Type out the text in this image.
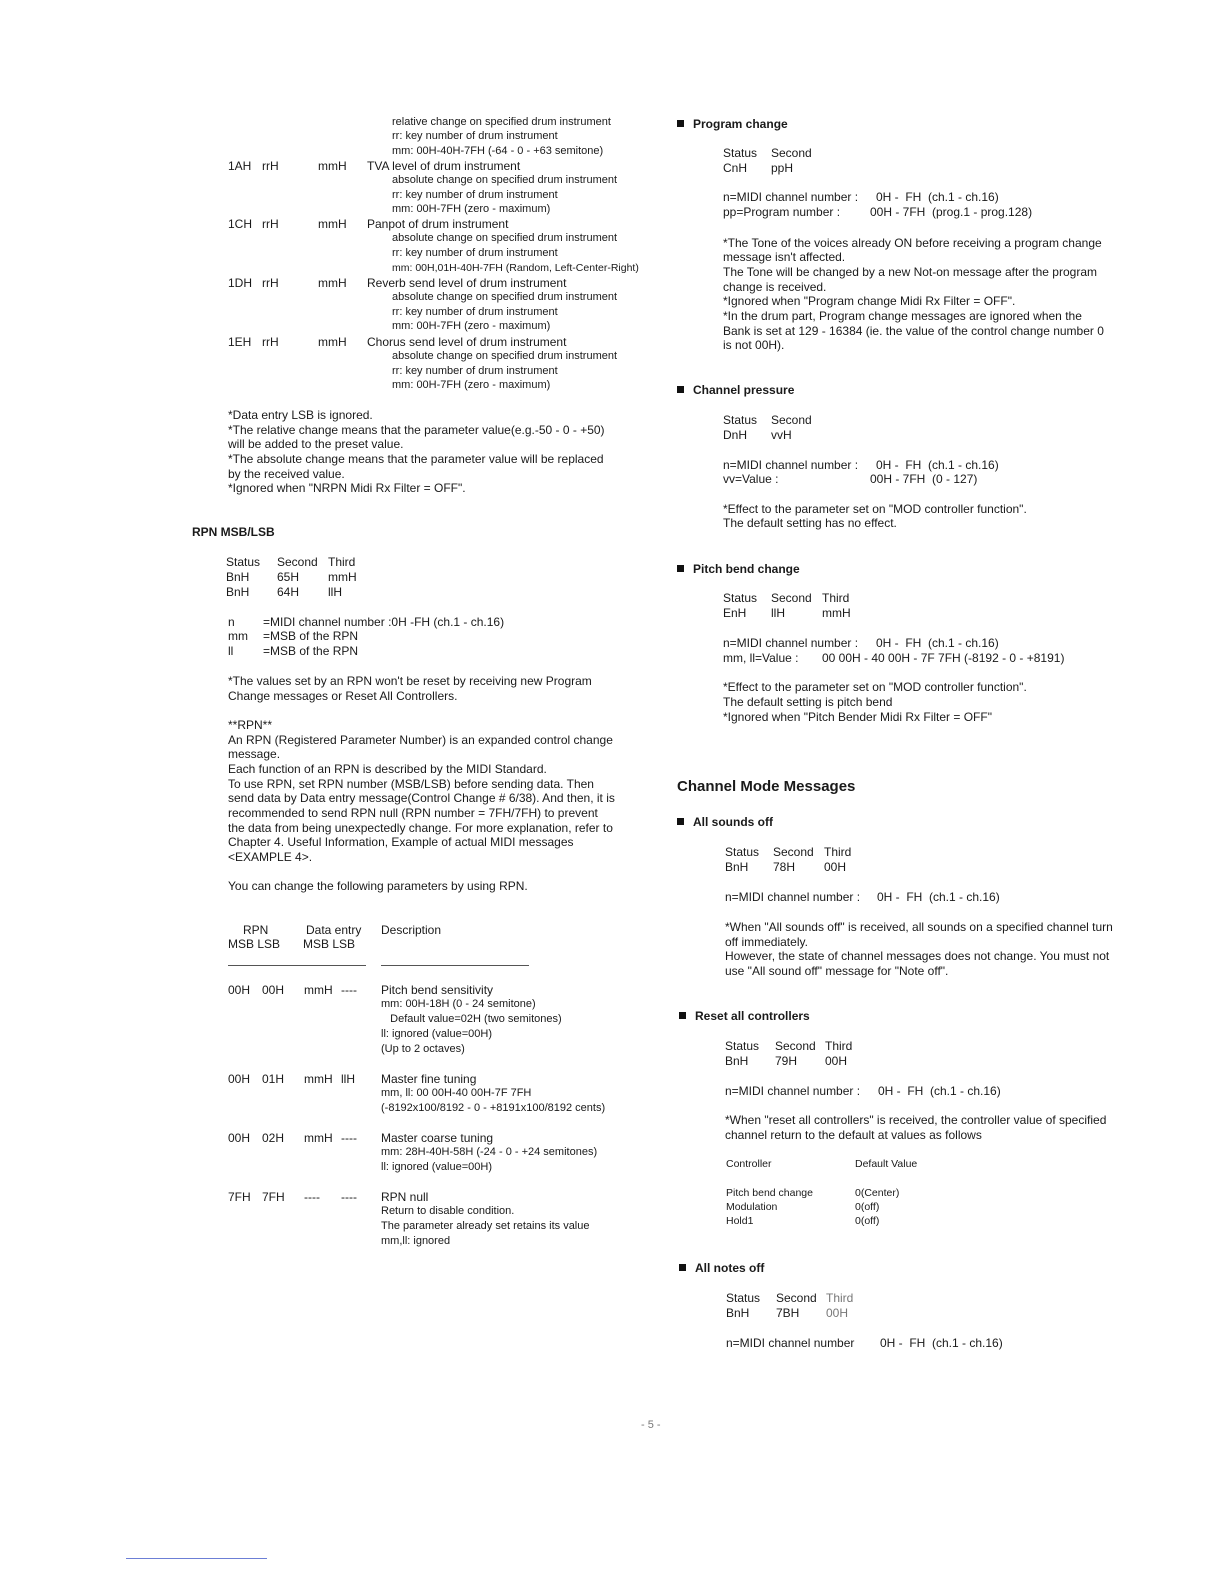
relative change on specified drum instrument
rr: key number of drum instrument
mm: 00H-40H-7FH (-64 - 0 - +63 semitone)
1AH rrH	mmH TVA level of drum instrument
absolute change on specified drum instrument
rr: key number of drum instrument
mm: 00H-7FH (zero - maximum)
1CH rrH	mmH Panpot of drum instrument
absolute change on specified drum instrument
rr: key number of drum instrument
mm: 00H,01H-40H-7FH (Random, Left-Center-Right)
1DH rrH	mmH Reverb send level of drum instrument
absolute change on specified drum instrument
rr: key number of drum instrument
mm: 00H-7FH (zero - maximum)
1EH rrH	mmH Chorus send level of drum instrument
absolute change on specified drum instrument
rr: key number of drum instrument
mm: 00H-7FH (zero - maximum)
*Data entry LSB is ignored.
*The relative change means that the parameter value(e.g.-50 - 0 - +50)
will be added to the preset value.
*The absolute change means that the parameter value will be replaced
by the received value.
*Ignored when "NRPN Midi Rx Filter = OFF".
RPN MSB/LSB
Status Second Third
BnH 65H mmH
BnH 64H llH
n =MIDI channel number :0H -FH (ch.1 - ch.16)
mm =MSB of the RPN
ll =MSB of the RPN
*The values set by an RPN won't be reset by receiving new Program
Change messages or Reset All Controllers.
**RPN**
An RPN (Registered Parameter Number) is an expanded control change
message.
Each function of an RPN is described by the MIDI Standard.
To use RPN, set RPN number (MSB/LSB) before sending data. Then
send data by Data entry message(Control Change # 6/38). And then, it is
recommended to send RPN null (RPN number = 7FH/7FH) to prevent
the data from being unexpectedly change. For more explanation, refer to
Chapter 4. Useful Information, Example of actual MIDI messages
<EXAMPLE 4>.
You can change the following parameters by using RPN.
RPN
MSB LSB
Data entry
MSB LSB
Description
00H 00H mmH ---- Pitch bend sensitivity
mm: 00H-18H (0 - 24 semitone)
Default value=02H (two semitones)
ll: ignored (value=00H)
(Up to 2 octaves)
00H 01H mmH llH Master fine tuning
mm, ll: 00 00H-40 00H-7F 7FH
(-8192x100/8192 - 0 - +8191x100/8192 cents)
00H 02H mmH ---- Master coarse tuning
mm: 28H-40H-58H (-24 - 0 - +24 semitones)
ll: ignored (value=00H)
7FH 7FH ---- ---- RPN null
Return to disable condition.
The parameter already set retains its value
mm,ll: ignored
Program change
Status Second
CnH ppH
n=MIDI channel number : 0H -  FH  (ch.1 - ch.16)
pp=Program number : 00H - 7FH  (prog.1 - prog.128)
*The Tone of the voices already ON before receiving a program change
message isn't affected.
The Tone will be changed by a new Not-on message after the program
change is received.
*Ignored when "Program change Midi Rx Filter = OFF".
*In the drum part, Program change messages are ignored when the
Bank is set at 129 - 16384 (ie. the value of the control change number 0
is not 00H).
Channel pressure
Status Second
DnH vvH
n=MIDI channel number : 0H -  FH  (ch.1 - ch.16)
vv=Value :	00H - 7FH  (0 - 127)
*Effect to the parameter set on "MOD controller function".
The default setting has no effect.
Pitch bend change
Status Second Third
EnH llH	mmH
n=MIDI channel number : 0H -  FH  (ch.1 - ch.16)
mm, ll=Value : 00 00H - 40 00H - 7F 7FH (-8192 - 0 - +8191)
*Effect to the parameter set on "MOD controller function".
The default setting is pitch bend
*Ignored when "Pitch Bender Midi Rx Filter = OFF"
Channel Mode Messages
All sounds off
Status Second Third
BnH 78H 00H
n=MIDI channel number : 0H -  FH  (ch.1 - ch.16)
*When "All sounds off" is received, all sounds on a specified channel turn
off immediately.
However, the state of channel messages does not change. You must not
use "All sound off" message for "Note off".
Reset all controllers
Status Second Third
BnH 79H 00H
n=MIDI channel number : 0H -  FH  (ch.1 - ch.16)
*When "reset all controllers" is received, the controller value of specified
channel return to the default at values as follows
Controller	Default Value
Pitch bend change	0(Center)
Modulation	0(off)
Hold1	0(off)
All notes off
Status Second Third
BnH 7BH 00H
n=MIDI channel number 0H -  FH  (ch.1 - ch.16)
- 5 -
